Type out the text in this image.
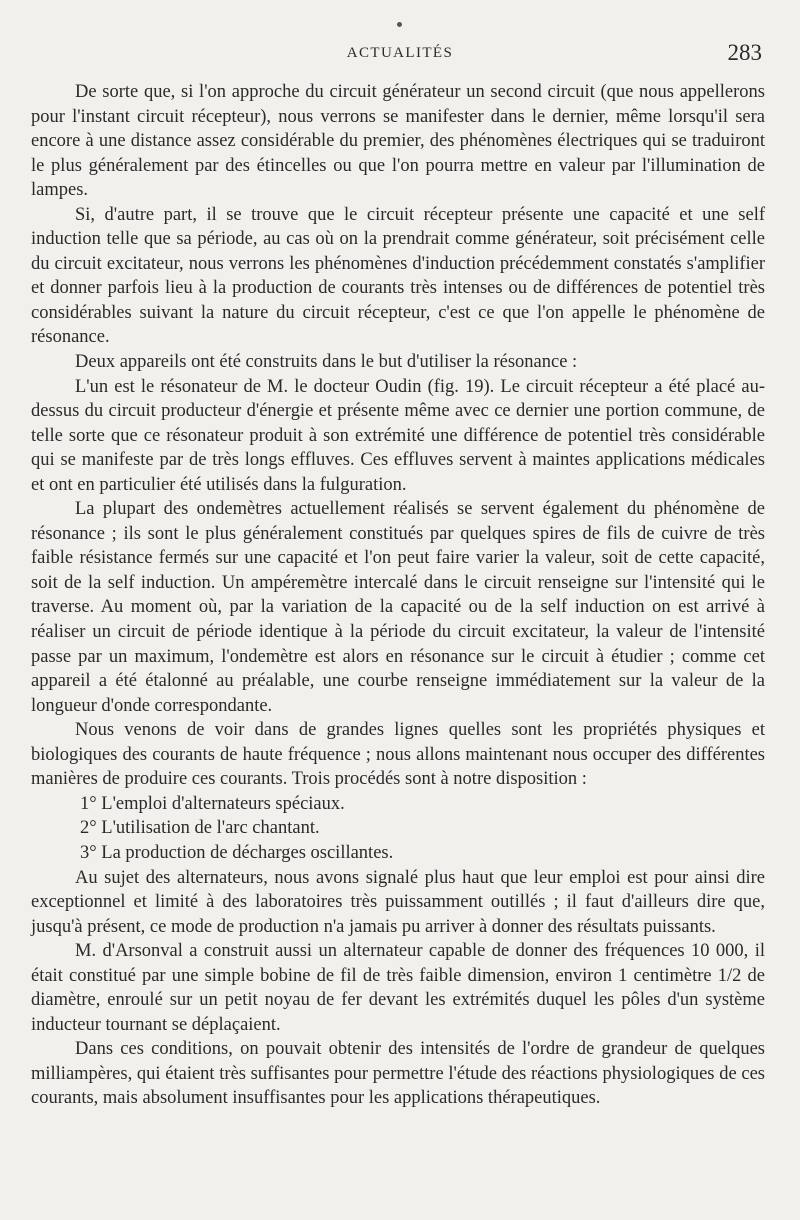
ACTUALITÉS	283

De sorte que, si l'on approche du circuit générateur un second circuit (que nous appellerons pour l'instant circuit récepteur), nous verrons se manifester dans le dernier, même lorsqu'il sera encore à une distance assez considérable du premier, des phénomènes électriques qui se traduiront le plus généralement par des étincelles ou que l'on pourra mettre en valeur par l'illumination de lampes.

Si, d'autre part, il se trouve que le circuit récepteur présente une capacité et une self induction telle que sa période, au cas où on la prendrait comme générateur, soit précisément celle du circuit excitateur, nous verrons les phénomènes d'induction précédemment constatés s'amplifier et donner parfois lieu à la production de courants très intenses ou de différences de potentiel très considérables suivant la nature du circuit récepteur, c'est ce que l'on appelle le phénomène de résonance.

Deux appareils ont été construits dans le but d'utiliser la résonance :

L'un est le résonateur de M. le docteur Oudin (fig. 19). Le circuit récepteur a été placé au-dessus du circuit producteur d'énergie et présente même avec ce dernier une portion commune, de telle sorte que ce résonateur produit à son extrémité une différence de potentiel très considérable qui se manifeste par de très longs effluves. Ces effluves servent à maintes applications médicales et ont en particulier été utilisés dans la fulguration.

La plupart des ondemètres actuellement réalisés se servent également du phénomène de résonance ; ils sont le plus généralement constitués par quelques spires de fils de cuivre de très faible résistance fermés sur une capacité et l'on peut faire varier la valeur, soit de cette capacité, soit de la self induction. Un ampéremètre intercalé dans le circuit renseigne sur l'intensité qui le traverse. Au moment où, par la variation de la capacité ou de la self induction on est arrivé à réaliser un circuit de période identique à la période du circuit excitateur, la valeur de l'intensité passe par un maximum, l'ondemètre est alors en résonance sur le circuit à étudier ; comme cet appareil a été étalonné au préalable, une courbe renseigne immédiatement sur la valeur de la longueur d'onde correspondante.

Nous venons de voir dans de grandes lignes quelles sont les propriétés physiques et biologiques des courants de haute fréquence ; nous allons maintenant nous occuper des différentes manières de produire ces courants. Trois procédés sont à notre disposition :

1° L'emploi d'alternateurs spéciaux.

2° L'utilisation de l'arc chantant.

3° La production de décharges oscillantes.

Au sujet des alternateurs, nous avons signalé plus haut que leur emploi est pour ainsi dire exceptionnel et limité à des laboratoires très puissamment outillés ; il faut d'ailleurs dire que, jusqu'à présent, ce mode de production n'a jamais pu arriver à donner des résultats puissants.

M. d'Arsonval a construit aussi un alternateur capable de donner des fréquences 10 000, il était constitué par une simple bobine de fil de très faible dimension, environ 1 centimètre 1/2 de diamètre, enroulé sur un petit noyau de fer devant les extrémités duquel les pôles d'un système inducteur tournant se déplaçaient.

Dans ces conditions, on pouvait obtenir des intensités de l'ordre de grandeur de quelques milliampères, qui étaient très suffisantes pour permettre l'étude des réactions physiologiques de ces courants, mais absolument insuffisantes pour les applications thérapeutiques.
